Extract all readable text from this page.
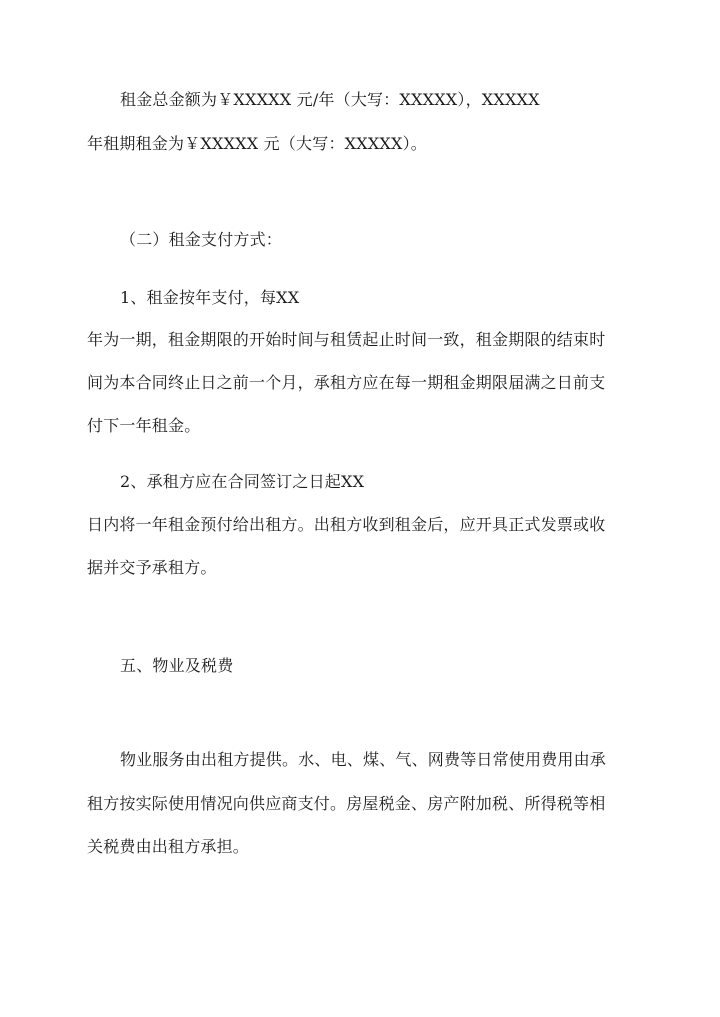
租金总金额为￥XXXXX 元/年（大写：XXXXX），XXXXX
年租期租金为￥XXXXX 元（大写：XXXXX）。
（二）租金支付方式：
1、租金按年支付，每XX
年为一期，租金期限的开始时间与租赁起止时间一致，租金期限的结束时
间为本合同终止日之前一个月，承租方应在每一期租金期限届满之日前支
付下一年租金。
2、承租方应在合同签订之日起XX
日内将一年租金预付给出租方。出租方收到租金后，应开具正式发票或收
据并交予承租方。
五、物业及税费
物业服务由出租方提供。水、电、煤、气、网费等日常使用费用由承
租方按实际使用情况向供应商支付。房屋税金、房产附加税、所得税等相
关税费由出租方承担。
